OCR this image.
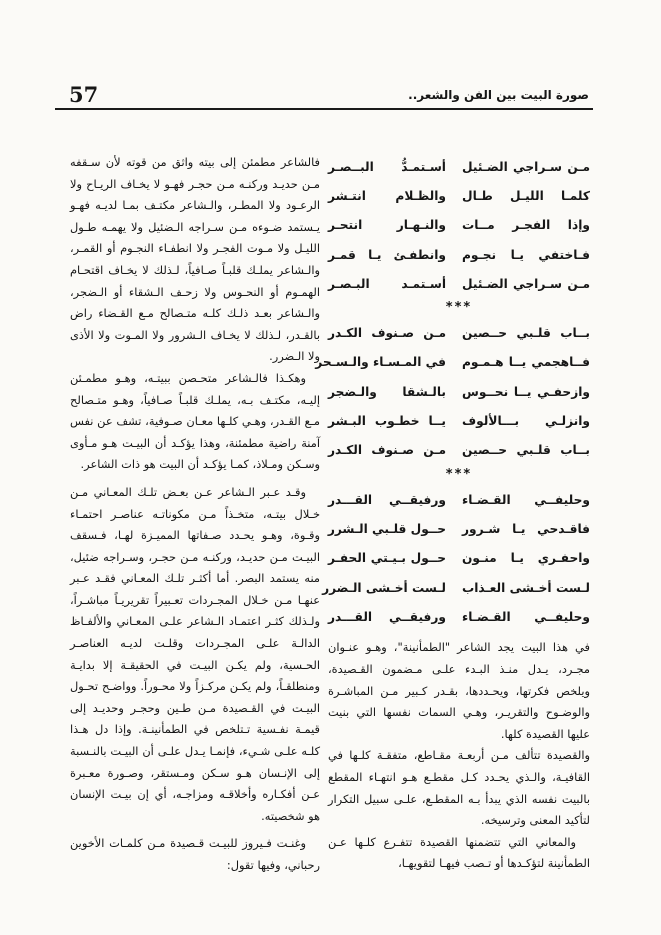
57	صورة البيت بين الفن والشعر..
مـن سـراجي الضـئيل
أسـتمـدُّ البــصـر
كلمـا الليـل طـال
والظـلام انتـشر
وإذا الفجـر مــات
والنـهـار انتحـر
فـاختفي يـا نجـوم
وانطفـئ يـا قمـر
مـن سـراجي الضـئيل
أسـتمـد البـصـر
***
بــاب قلـبي حــصين
مـن صـنوف الكـدر
فــاهجمي يــا هـمـوم
في المـسـاء والـسـحر
وازحفـي يــا نحــوس
بالـشقا والـضجر
وانزلـي بـــالألوف
يــا خطـوب البـشر
بــاب قلـبي حــصين
مـن صـنوف الكـدر
***
وحليفــي القـضـاء
ورفيقــي القـــدر
فاقـدحي يـا شـرور
حــول قلـبي الـشرر
واحفـري يـا منـون
حــول بـيـتي الحفـر
لـست أخـشى العـذاب
لـست أخـشى الـضرر
وحليفــي القـضـاء
ورفيقــي القـــدر

في هذا البيت يجد الشاعر "الطمأنينة"، وهـو عنـوان مجـرد، يـدل منـذ البـدء علـى مـضمون القـصيدة، ويلخص فكرتها، ويحـددها، بقـدر كـبير مـن المباشـرة والوضـوح والتقريـر، وهـي السمات نفسها التي بنيت عليها القصيدة كلها.

والقصيدة تتألف مـن أربعـة مقـاطع، متفقـة كلـها في القافيـة، والـذي يحـدد كـل مقطـع هـو انتهـاء المقطع بالبيت نفسه الذي يبدأ بـه المقطـع، علـى سبيل التكرار لتأكيد المعنى وترسيخه.

والمعاني التي تتضمنها القصيدة تتفـرع كلـها عـن الطمأنينة لتؤكـدها أو تـصب فيهـا لتقويهـا،

فالشاعر مطمئن إلى بيته واثق من قوته لأن سـقفه مـن حديـد وركنـه مـن حجـر فهـو لا يخـاف الريـاح ولا الرعـود ولا المطـر، والـشاعر مكتـف بمـا لديـه فهـو يـستمد ضـوءه مـن سـراجه الـضئيل ولا يهمـه طـول الليـل ولا مـوت الفجـر ولا انطفـاء النجـوم أو القمـر، والـشاعر يملـك قلبـاً صـافياً، لـذلك لا يخـاف اقتحـام الهمـوم أو النحـوس ولا زحـف الـشقاء أو الـضجر، والـشاعر بعـد ذلـك كلـه متـصالح مـع القـضاء راض بالقـدر، لـذلك لا يخـاف الـشرور ولا المـوت ولا الأذى ولا الـضرر.

وهكـذا فالـشاعر متحـصن ببيتـه، وهـو مطمـئن إليـه، مكتـف بـه، يملـك قلبـاً صـافياً، وهـو متـصالح مـع القـدر، وهـي كلـها معـان صـوفية، تشف عن نفس آمنة راضية مطمئنة، وهذا يؤكـد أن البيـت هـو مـأوى وسـكن ومـلاذ، كمـا يؤكـد أن البيت هو ذات الشاعر.

وقـد عـبر الـشاعر عـن بعـض تلـك المعـاني مـن خـلال بيتـه، متخـذاً مـن مكوناتـه عناصـر احتمـاء وقـوة، وهـو يحـدد صـفاتها المميـزة لهـا، فـسقف البيـت مـن حديـد، وركنـه مـن حجـر، وسـراجه ضئيل، منه يستمد البصر. أما أكثـر تلـك المعـاني فقـد عـبر عنهـا مـن خـلال المجـردات تعـبيراً تقريريـاً مباشـراً، ولـذلك كثـر اعتمـاد الـشاعر علـى المعـاني والألفـاظ الدالـة علـى المجـردات وقلـت لديـه العناصـر الحـسية، ولم يكـن البيـت في الحقيقـة إلا بدايـة ومنطلقـاً، ولم يكـن مركـزاً ولا محـوراً. وواضـح تحـول البيـت في القـصيدة مـن طـين وحجـر وحديـد إلى قيمـة نفـسية تـتلخص في الطمأنينـة. وإذا دل هـذا كلـه علـى شـيء، فإنمـا يـدل علـى أن البيـت بالنـسبة إلى الإنـسان هـو سـكن ومـستقر، وصـورة معـبرة عـن أفكـاره وأخلاقـه ومزاجـه، أي إن بيـت الإنسان هو شخصيته.

وغنـت فـيروز للبيـت قـصيدة مـن كلمـات الأخوين رحباني، وفيها تقول:
